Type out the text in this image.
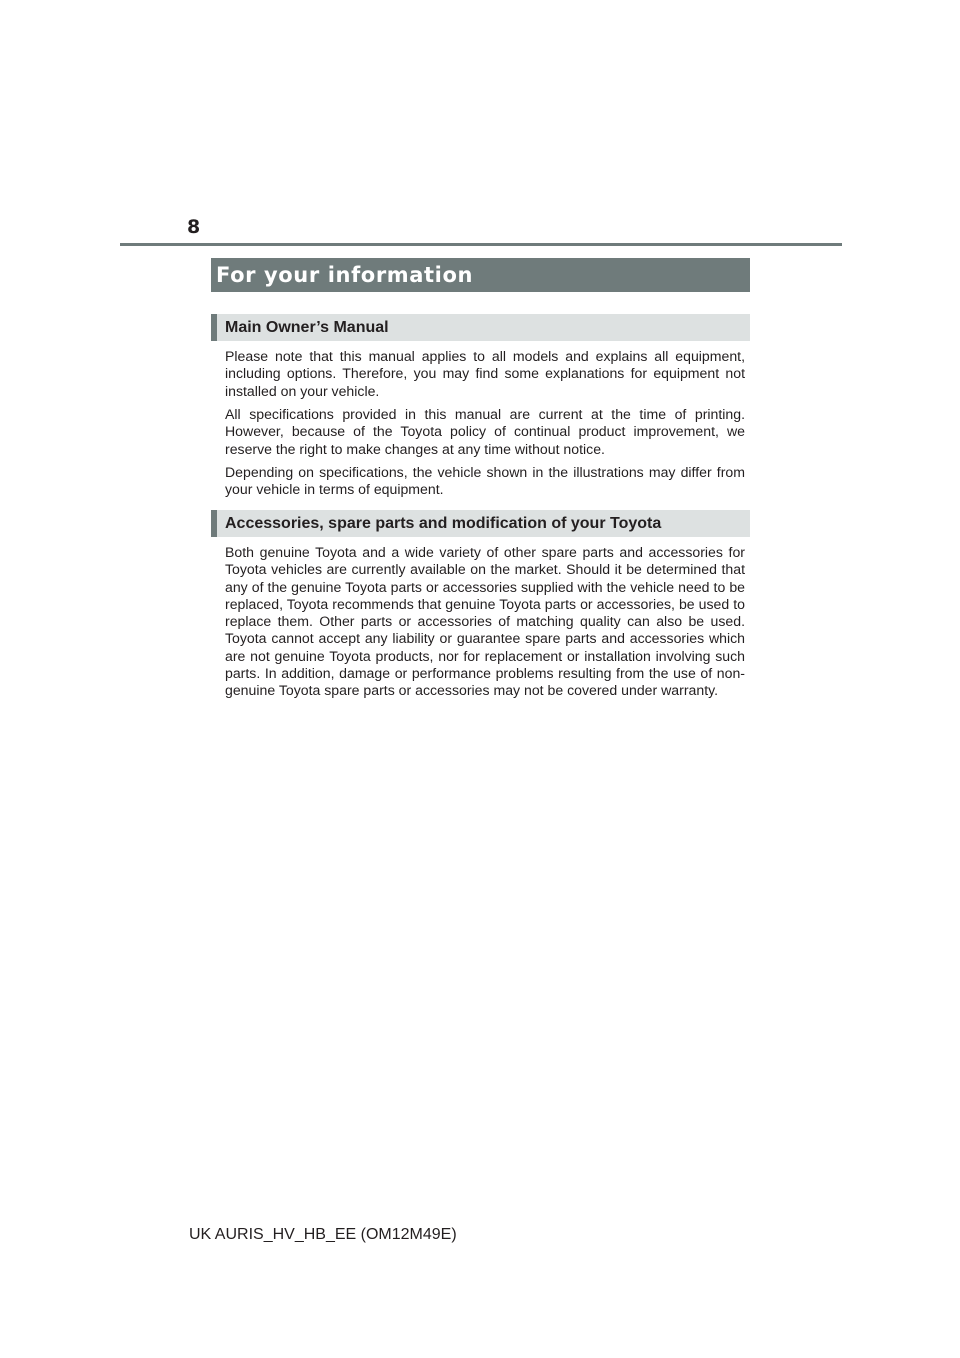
8
For your information
Main Owner’s Manual

Please note that this manual applies to all models and explains all equipment, including options. Therefore, you may find some explanations for equipment not installed on your vehicle.

All specifications provided in this manual are current at the time of printing. However, because of the Toyota policy of continual product improvement, we reserve the right to make changes at any time without notice.

Depending on specifications, the vehicle shown in the illustrations may differ from your vehicle in terms of equipment.

Accessories, spare parts and modification of your Toyota

Both genuine Toyota and a wide variety of other spare parts and accessories for Toyota vehicles are currently available on the market. Should it be determined that any of the genuine Toyota parts or accessories supplied with the vehicle need to be replaced, Toyota recommends that genuine Toyota parts or accessories, be used to replace them. Other parts or accessories of matching quality can also be used. Toyota cannot accept any liability or guarantee spare parts and accessories which are not genuine Toyota products, nor for replacement or installation involving such parts. In addition, damage or performance problems resulting from the use of non-genuine Toyota spare parts or accessories may not be covered under warranty.

UK AURIS_HV_HB_EE (OM12M49E)
